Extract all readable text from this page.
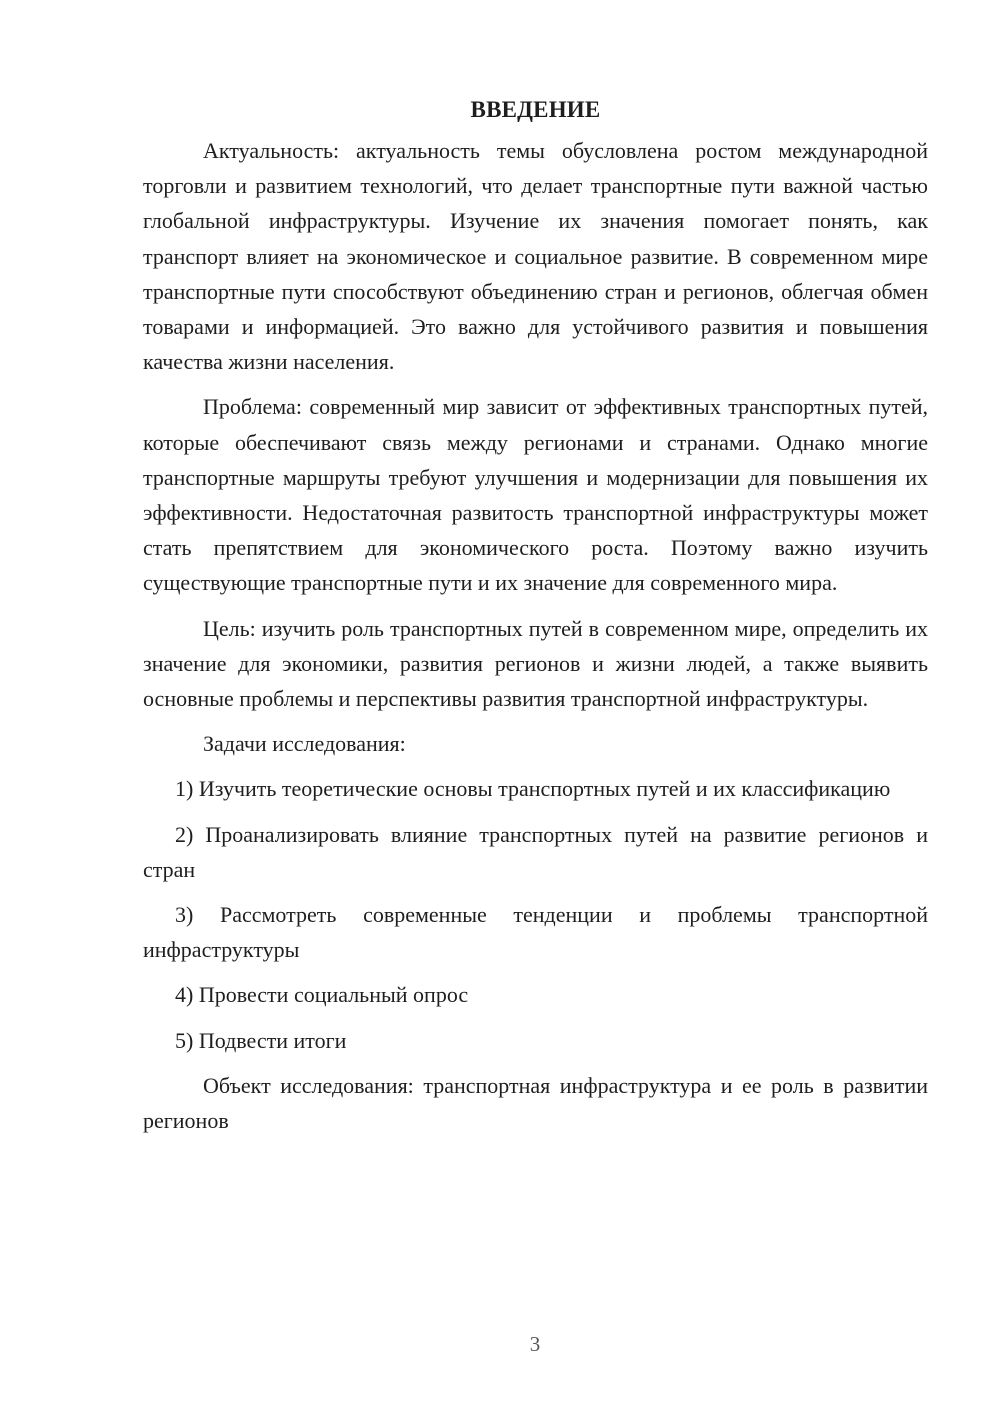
ВВЕДЕНИЕ

Актуальность: актуальность темы обусловлена ростом международной торговли и развитием технологий, что делает транспортные пути важной частью глобальной инфраструктуры. Изучение их значения помогает понять, как транспорт влияет на экономическое и социальное развитие. В современном мире транспортные пути способствуют объединению стран и регионов, облегчая обмен товарами и информацией. Это важно для устойчивого развития и повышения качества жизни населения.

Проблема: современный мир зависит от эффективных транспортных путей, которые обеспечивают связь между регионами и странами. Однако многие транспортные маршруты требуют улучшения и модернизации для повышения их эффективности. Недостаточная развитость транспортной инфраструктуры может стать препятствием для экономического роста. Поэтому важно изучить существующие транспортные пути и их значение для современного мира.

Цель: изучить роль транспортных путей в современном мире, определить их значение для экономики, развития регионов и жизни людей, а также выявить основные проблемы и перспективы развития транспортной инфраструктуры.

Задачи исследования:

1) Изучить теоретические основы транспортных путей и их классификацию

2) Проанализировать влияние транспортных путей на развитие регионов и стран

3) Рассмотреть современные тенденции и проблемы транспортной инфраструктуры

4) Провести социальный опрос

5) Подвести итоги

Объект исследования: транспортная инфраструктура и ее роль в развитии регионов

3
